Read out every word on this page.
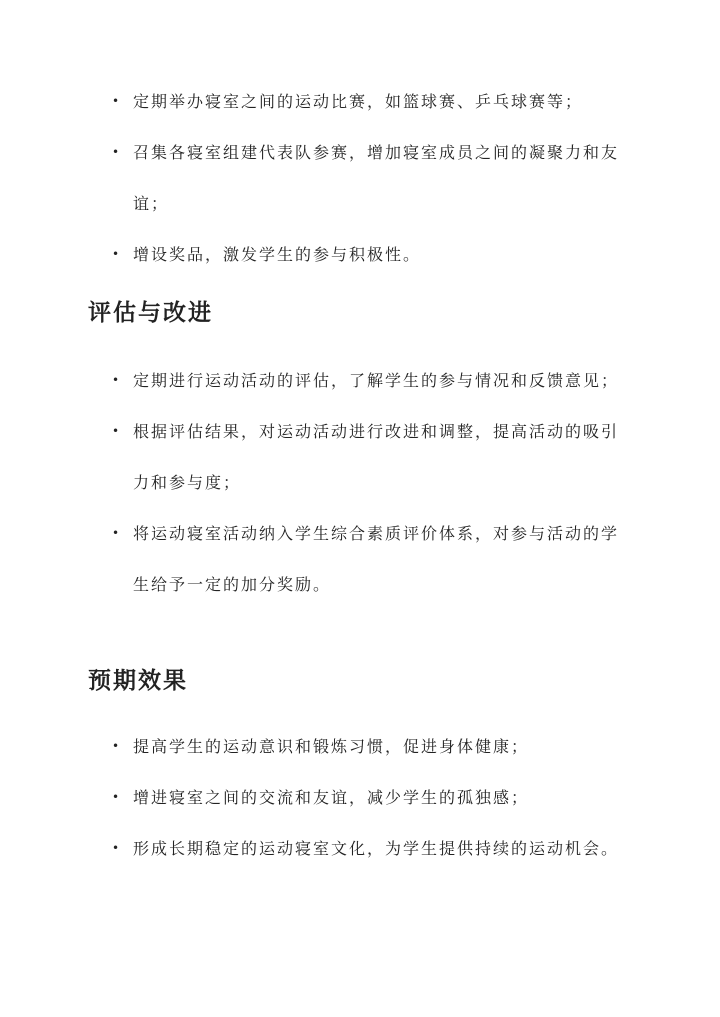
• 定期举办寝室之间的运动比赛，如篮球赛、乒乓球赛等；
• 召集各寝室组建代表队参赛，增加寝室成员之间的凝聚力和友谊；
• 增设奖品，激发学生的参与积极性。
评估与改进
• 定期进行运动活动的评估，了解学生的参与情况和反馈意见；
• 根据评估结果，对运动活动进行改进和调整，提高活动的吸引力和参与度；
• 将运动寝室活动纳入学生综合素质评价体系，对参与活动的学生给予一定的加分奖励。
预期效果
• 提高学生的运动意识和锻炼习惯，促进身体健康；
• 增进寝室之间的交流和友谊，减少学生的孤独感；
• 形成长期稳定的运动寝室文化，为学生提供持续的运动机会。
